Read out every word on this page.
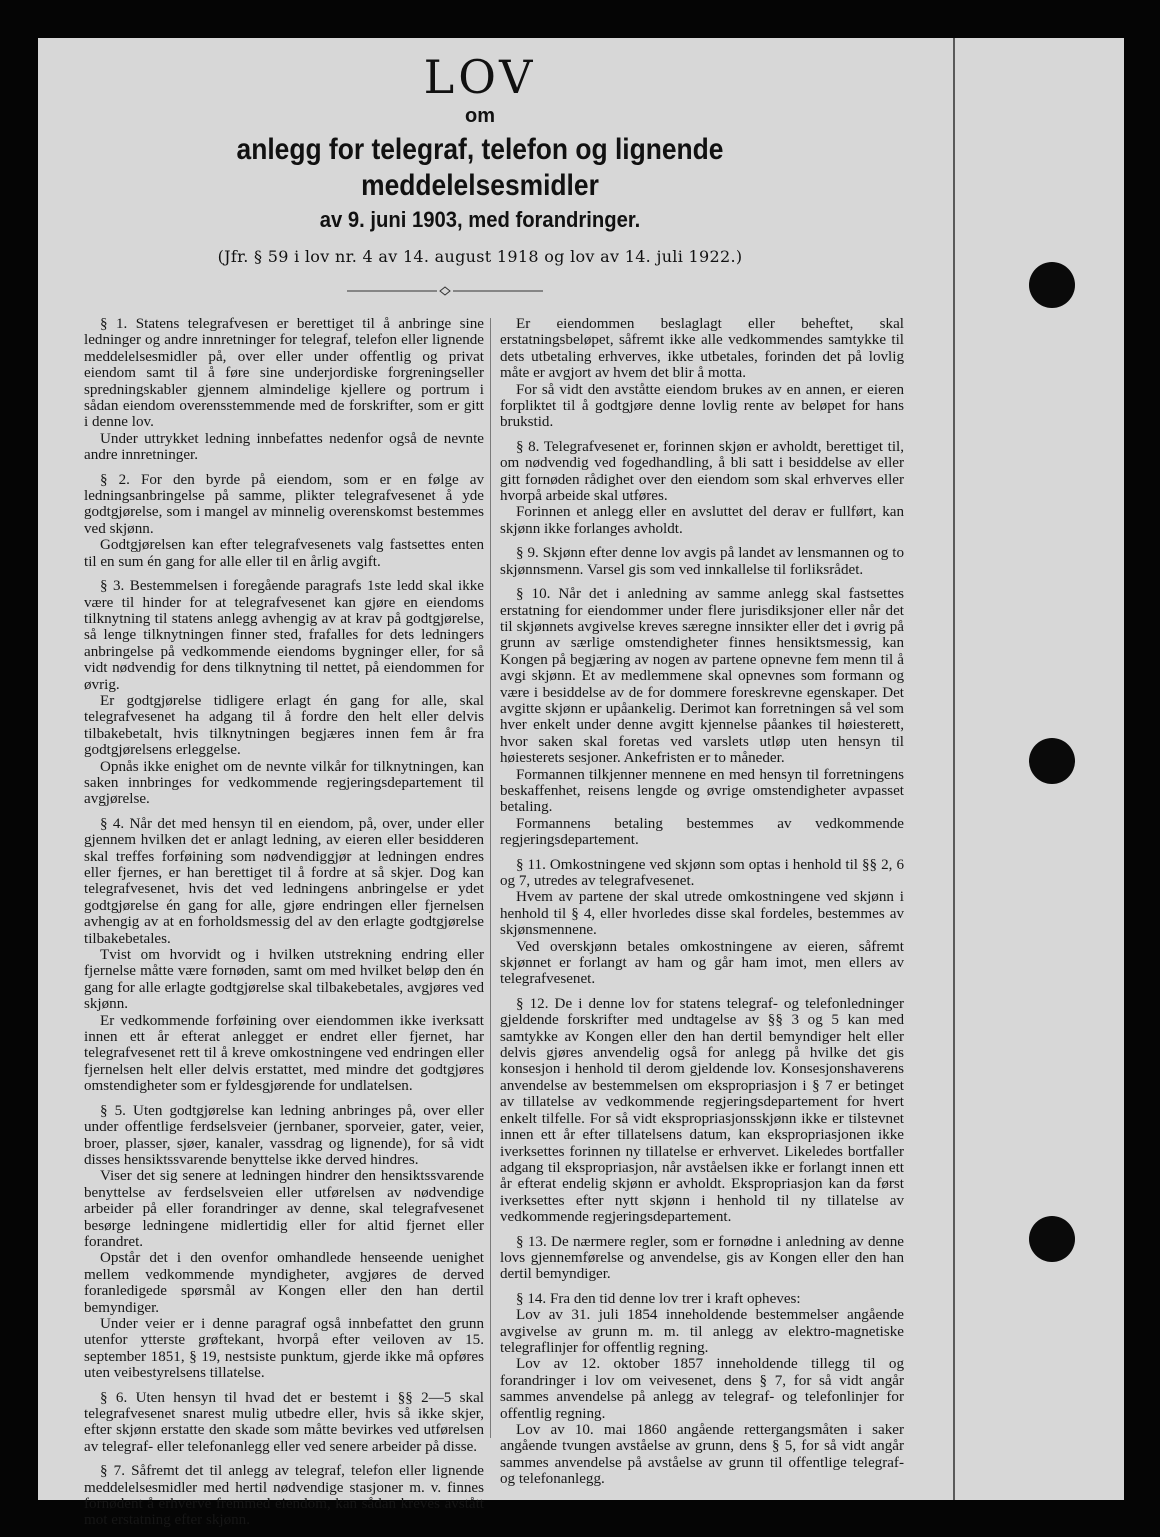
LOV
om
anlegg for telegraf, telefon og lignende meddelelsesmidler
av 9. juni 1903, med forandringer.
(Jfr. § 59 i lov nr. 4 av 14. august 1918 og lov av 14. juli 1922.)

§ 1. Statens telegrafvesen er berettiget til å anbringe sine ledninger og andre innretninger for telegraf, telefon eller lignende meddelelsesmidler på, over eller under offentlig og privat eiendom samt til å føre sine underjordiske forgreningseller spredningskabler gjennem almindelige kjellere og portrum i sådan eiendom overensstemmende med de forskrifter, som er gitt i denne lov.

Under uttrykket ledning innbefattes nedenfor også de nevnte andre innretninger.

§ 2. For den byrde på eiendom, som er en følge av ledningsanbringelse på samme, plikter telegrafvesenet å yde godtgjørelse, som i mangel av minnelig overenskomst bestemmes ved skjønn.

Godtgjørelsen kan efter telegrafvesenets valg fastsettes enten til en sum én gang for alle eller til en årlig avgift.

§ 3. Bestemmelsen i foregående paragrafs 1ste ledd skal ikke være til hinder for at telegrafvesenet kan gjøre en eiendoms tilknytning til statens anlegg avhengig av at krav på godtgjørelse, så lenge tilknytningen finner sted, frafalles for dets ledningers anbringelse på vedkommende eiendoms bygninger eller, for så vidt nødvendig for dens tilknytning til nettet, på eiendommen for øvrig.

Er godtgjørelse tidligere erlagt én gang for alle, skal telegrafvesenet ha adgang til å fordre den helt eller delvis tilbakebetalt, hvis tilknytningen begjæres innen fem år fra godtgjørelsens erleggelse.

Opnås ikke enighet om de nevnte vilkår for tilknytningen, kan saken innbringes for vedkommende regjeringsdepartement til avgjørelse.

§ 4. Når det med hensyn til en eiendom, på, over, under eller gjennem hvilken det er anlagt ledning, av eieren eller besidderen skal treffes forføining som nødvendiggjør at ledningen endres eller fjernes, er han berettiget til å fordre at så skjer. Dog kan telegrafvesenet, hvis det ved ledningens anbringelse er ydet godtgjørelse én gang for alle, gjøre endringen eller fjernelsen avhengig av at en forholdsmessig del av den erlagte godtgjørelse tilbakebetales.

Tvist om hvorvidt og i hvilken utstrekning endring eller fjernelse måtte være fornøden, samt om med hvilket beløp den én gang for alle erlagte godtgjørelse skal tilbakebetales, avgjøres ved skjønn.

Er vedkommende forføining over eiendommen ikke iverksatt innen ett år efterat anlegget er endret eller fjernet, har telegrafvesenet rett til å kreve omkostningene ved endringen eller fjernelsen helt eller delvis erstattet, med mindre det godtgjøres omstendigheter som er fyldesgjørende for undlatelsen.

§ 5. Uten godtgjørelse kan ledning anbringes på, over eller under offentlige ferdselsveier (jernbaner, sporveier, gater, veier, broer, plasser, sjøer, kanaler, vassdrag og lignende), for så vidt disses hensiktssvarende benyttelse ikke derved hindres.

Viser det sig senere at ledningen hindrer den hensiktssvarende benyttelse av ferdselsveien eller utførelsen av nødvendige arbeider på eller forandringer av denne, skal telegrafvesenet besørge ledningene midlertidig eller for altid fjernet eller forandret.

Opstår det i den ovenfor omhandlede henseende uenighet mellem vedkommende myndigheter, avgjøres de derved foranledigede spørsmål av Kongen eller den han dertil bemyndiger.

Under veier er i denne paragraf også innbefattet den grunn utenfor ytterste grøftekant, hvorpå efter veiloven av 15. september 1851, § 19, nestsiste punktum, gjerde ikke må opføres uten veibestyrelsens tillatelse.

§ 6. Uten hensyn til hvad det er bestemt i §§ 2—5 skal telegrafvesenet snarest mulig utbedre eller, hvis så ikke skjer, efter skjønn erstatte den skade som måtte bevirkes ved utførelsen av telegraf- eller telefonanlegg eller ved senere arbeider på disse.

§ 7. Såfremt det til anlegg av telegraf, telefon eller lignende meddelelsesmidler med hertil nødvendige stasjoner m. v. finnes fornødent å erhverve fremmed eiendom, kan sådan kreves avstått mot erstatning efter skjønn.

Er eiendommen beslaglagt eller beheftet, skal erstatningsbeløpet, såfremt ikke alle vedkommendes samtykke til dets utbetaling erhverves, ikke utbetales, forinden det på lovlig måte er avgjort av hvem det blir å motta.

For så vidt den avståtte eiendom brukes av en annen, er eieren forpliktet til å godtgjøre denne lovlig rente av beløpet for hans brukstid.

§ 8. Telegrafvesenet er, forinnen skjøn er avholdt, berettiget til, om nødvendig ved fogedhandling, å bli satt i besiddelse av eller gitt fornøden rådighet over den eiendom som skal erhverves eller hvorpå arbeide skal utføres.

Forinnen et anlegg eller en avsluttet del derav er fullført, kan skjønn ikke forlanges avholdt.

§ 9. Skjønn efter denne lov avgis på landet av lensmannen og to skjønnsmenn. Varsel gis som ved innkallelse til forliksrådet.

§ 10. Når det i anledning av samme anlegg skal fastsettes erstatning for eiendommer under flere jurisdiksjoner eller når det til skjønnets avgivelse kreves særegne innsikter eller det i øvrig på grunn av særlige omstendigheter finnes hensiktsmessig, kan Kongen på begjæring av nogen av partene opnevne fem menn til å avgi skjønn. Et av medlemmene skal opnevnes som formann og være i besiddelse av de for dommere foreskrevne egenskaper. Det avgitte skjønn er upåankelig. Derimot kan forretningen så vel som hver enkelt under denne avgitt kjennelse påankes til høiesterett, hvor saken skal foretas ved varslets utløp uten hensyn til høiesterets sesjoner. Ankefristen er to måneder.

Formannen tilkjenner mennene en med hensyn til forretningens beskaffenhet, reisens lengde og øvrige omstendigheter avpasset betaling.

Formannens betaling bestemmes av vedkommende regjeringsdepartement.

§ 11. Omkostningene ved skjønn som optas i henhold til §§ 2, 6 og 7, utredes av telegrafvesenet.

Hvem av partene der skal utrede omkostningene ved skjønn i henhold til § 4, eller hvorledes disse skal fordeles, bestemmes av skjønsmennene.

Ved overskjønn betales omkostningene av eieren, såfremt skjønnet er forlangt av ham og går ham imot, men ellers av telegrafvesenet.

§ 12. De i denne lov for statens telegraf- og telefonledninger gjeldende forskrifter med undtagelse av §§ 3 og 5 kan med samtykke av Kongen eller den han dertil bemyndiger helt eller delvis gjøres anvendelig også for anlegg på hvilke det gis konsesjon i henhold til derom gjeldende lov. Konsesjonshaverens anvendelse av bestemmelsen om ekspropriasjon i § 7 er betinget av tillatelse av vedkommende regjeringsdepartement for hvert enkelt tilfelle. For så vidt ekspropriasjonsskjønn ikke er tilstevnet innen ett år efter tillatelsens datum, kan ekspropriasjonen ikke iverksettes forinnen ny tillatelse er erhvervet. Likeledes bortfaller adgang til ekspropriasjon, når avståelsen ikke er forlangt innen ett år efterat endelig skjønn er avholdt. Ekspropriasjon kan da først iverksettes efter nytt skjønn i henhold til ny tillatelse av vedkommende regjeringsdepartement.

§ 13. De nærmere regler, som er fornødne i anledning av denne lovs gjennemførelse og anvendelse, gis av Kongen eller den han dertil bemyndiger.

§ 14. Fra den tid denne lov trer i kraft opheves:

Lov av 31. juli 1854 inneholdende bestemmelser angående avgivelse av grunn m. m. til anlegg av elektro-magnetiske telegraflinjer for offentlig regning.

Lov av 12. oktober 1857 inneholdende tillegg til og forandringer i lov om veivesenet, dens § 7, for så vidt angår sammes anvendelse på anlegg av telegraf- og telefonlinjer for offentlig regning.

Lov av 10. mai 1860 angående rettergangsmåten i saker angående tvungen avståelse av grunn, dens § 5, for så vidt angår sammes anvendelse på avståelse av grunn til offentlige telegraf- og telefonanlegg.
